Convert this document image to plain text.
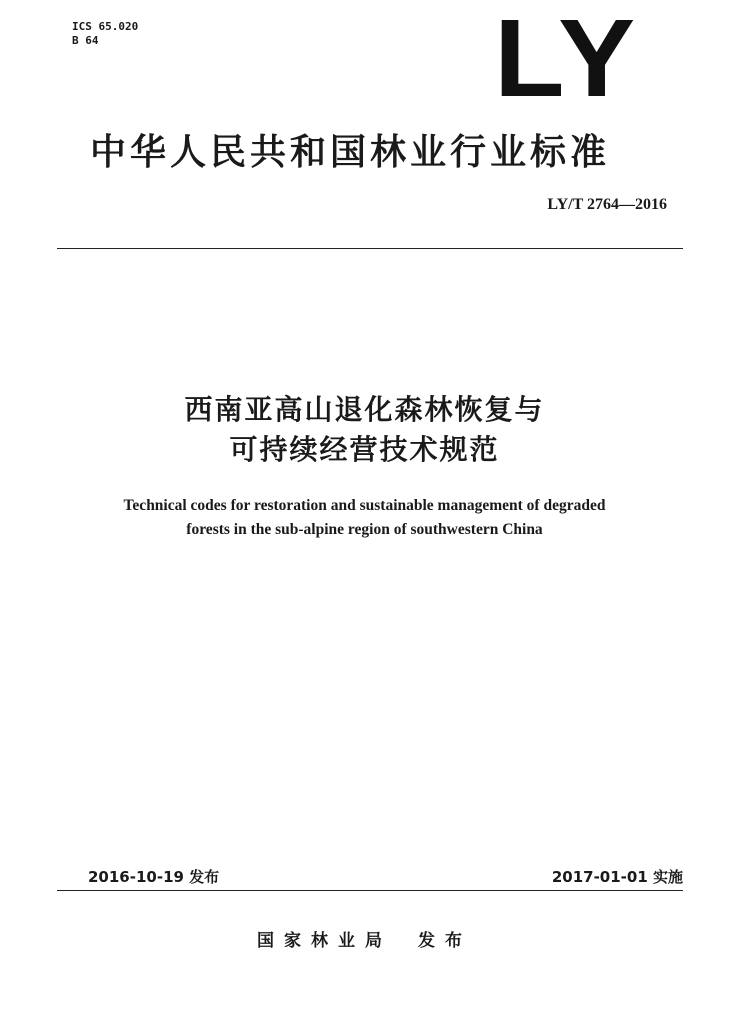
ICS 65.020
B 64	LY
中华人民共和国林业行业标准
LY/T 2764—2016
西南亚高山退化森林恢复与
可持续经营技术规范
Technical codes for restoration and sustainable management of degraded
forests in the sub-alpine region of southwestern China
2016-10-19 发布	2017-01-01 实施
国家林业局 发布
